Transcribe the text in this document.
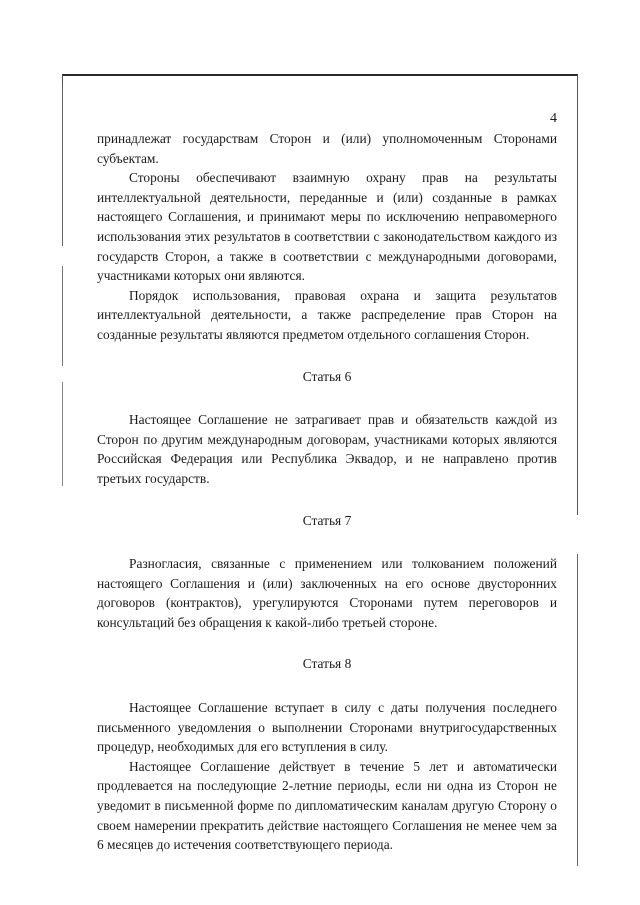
4

принадлежат государствам Сторон и (или) уполномоченным Сторонами субъектам.

Стороны обеспечивают взаимную охрану прав на результаты интеллектуальной деятельности, переданные и (или) созданные в рамках настоящего Соглашения, и принимают меры по исключению неправомерного использования этих результатов в соответствии с законодательством каждого из государств Сторон, а также в соответствии с международными договорами, участниками которых они являются.

Порядок использования, правовая охрана и защита результатов интеллектуальной деятельности, а также распределение прав Сторон на созданные результаты являются предметом отдельного соглашения Сторон.

Статья 6

Настоящее Соглашение не затрагивает прав и обязательств каждой из Сторон по другим международным договорам, участниками которых являются Российская Федерация или Республика Эквадор, и не направлено против третьих государств.

Статья 7

Разногласия, связанные с применением или толкованием положений настоящего Соглашения и (или) заключенных на его основе двусторонних договоров (контрактов), урегулируются Сторонами путем переговоров и консультаций без обращения к какой-либо третьей стороне.

Статья 8

Настоящее Соглашение вступает в силу с даты получения последнего письменного уведомления о выполнении Сторонами внутригосударственных процедур, необходимых для его вступления в силу.

Настоящее Соглашение действует в течение 5 лет и автоматически продлевается на последующие 2-летние периоды, если ни одна из Сторон не уведомит в письменной форме по дипломатическим каналам другую Сторону о своем намерении прекратить действие настоящего Соглашения не менее чем за 6 месяцев до истечения соответствующего периода.
